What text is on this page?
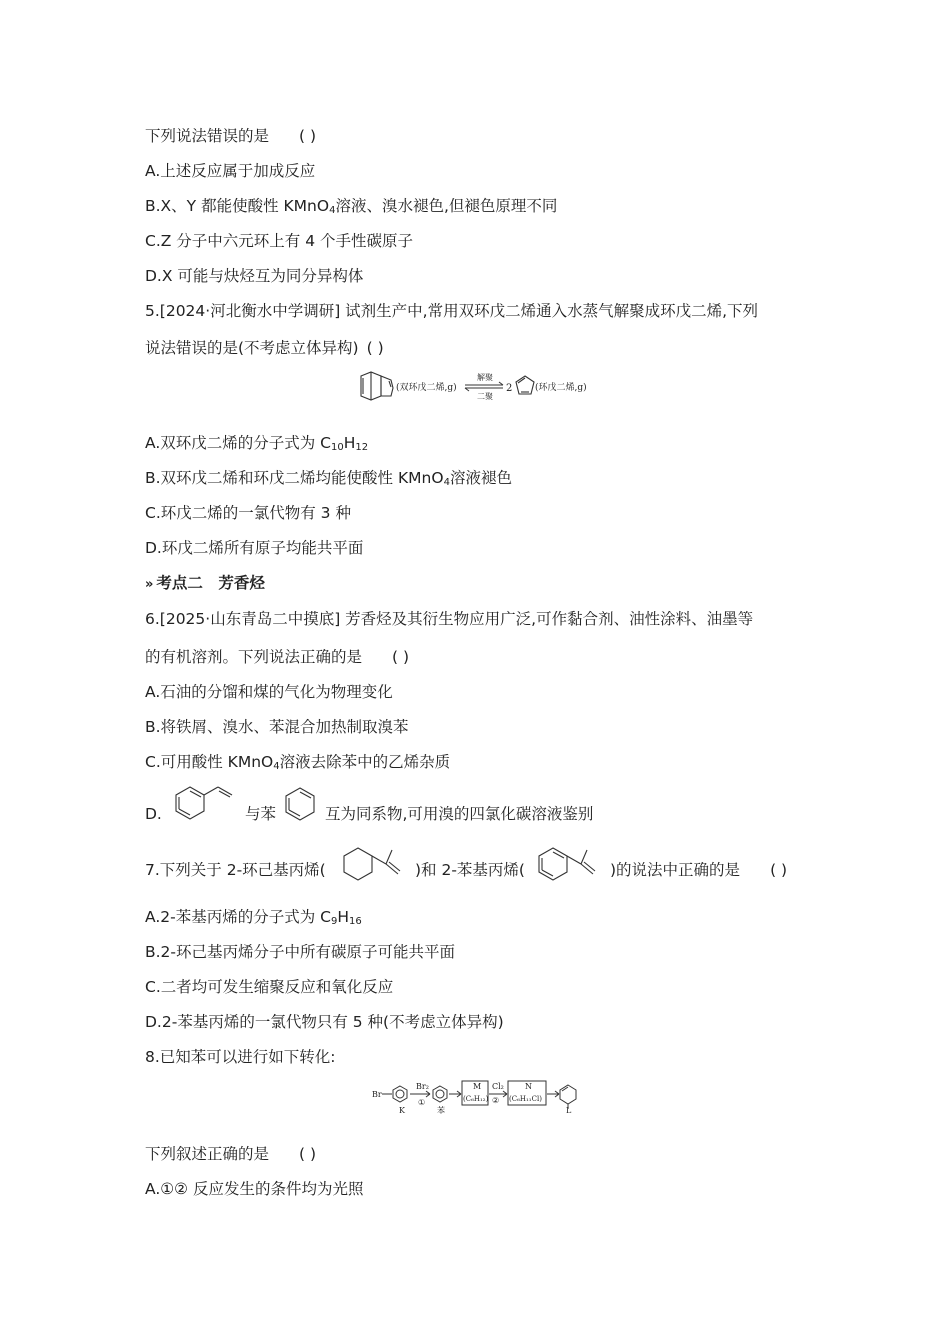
下列说法错误的是 ( )
A.上述反应属于加成反应
B.X、Y 都能使酸性 KMnO4溶液、溴水褪色,但褪色原理不同
C.Z 分子中六元环上有 4 个手性碳原子
D.X 可能与炔烃互为同分异构体
5.[2024·河北衡水中学调研] 试剂生产中,常用双环戊二烯通入水蒸气解聚成环戊二烯,下列
说法错误的是(不考虑立体异构) ( )
(双环戊二烯,g)
解聚
二聚
2	(环戊二烯,g)
A.双环戊二烯的分子式为 C10H12
B.双环戊二烯和环戊二烯均能使酸性 KMnO4溶液褪色
C.环戊二烯的一氯代物有 3 种
D.环戊二烯所有原子均能共平面
» 考点二　芳香烃
6.[2025·山东青岛二中摸底] 芳香烃及其衍生物应用广泛,可作黏合剂、油性涂料、油墨等
的有机溶剂。下列说法正确的是 ( )
A.石油的分馏和煤的气化为物理变化
B.将铁屑、溴水、苯混合加热制取溴苯
C.可用酸性 KMnO4溶液去除苯中的乙烯杂质
D.	与苯	互为同系物,可用溴的四氯化碳溶液鉴别
7.下列关于 2-环己基丙烯(	)和 2-苯基丙烯(	)的说法中正确的是 ( )
A.2-苯基丙烯的分子式为 C9H16
B.2-环己基丙烯分子中所有碳原子可能共平面
C.二者均可发生缩聚反应和氧化反应
D.2-苯基丙烯的一氯代物只有 5 种(不考虑立体异构)
8.已知苯可以进行如下转化:
Br
K
Br₂
①
苯
M
(C₆H₁₂)
Cl₂
②
N
(C₆H₁₁Cl)
L
下列叙述正确的是 ( )
A.①② 反应发生的条件均为光照
